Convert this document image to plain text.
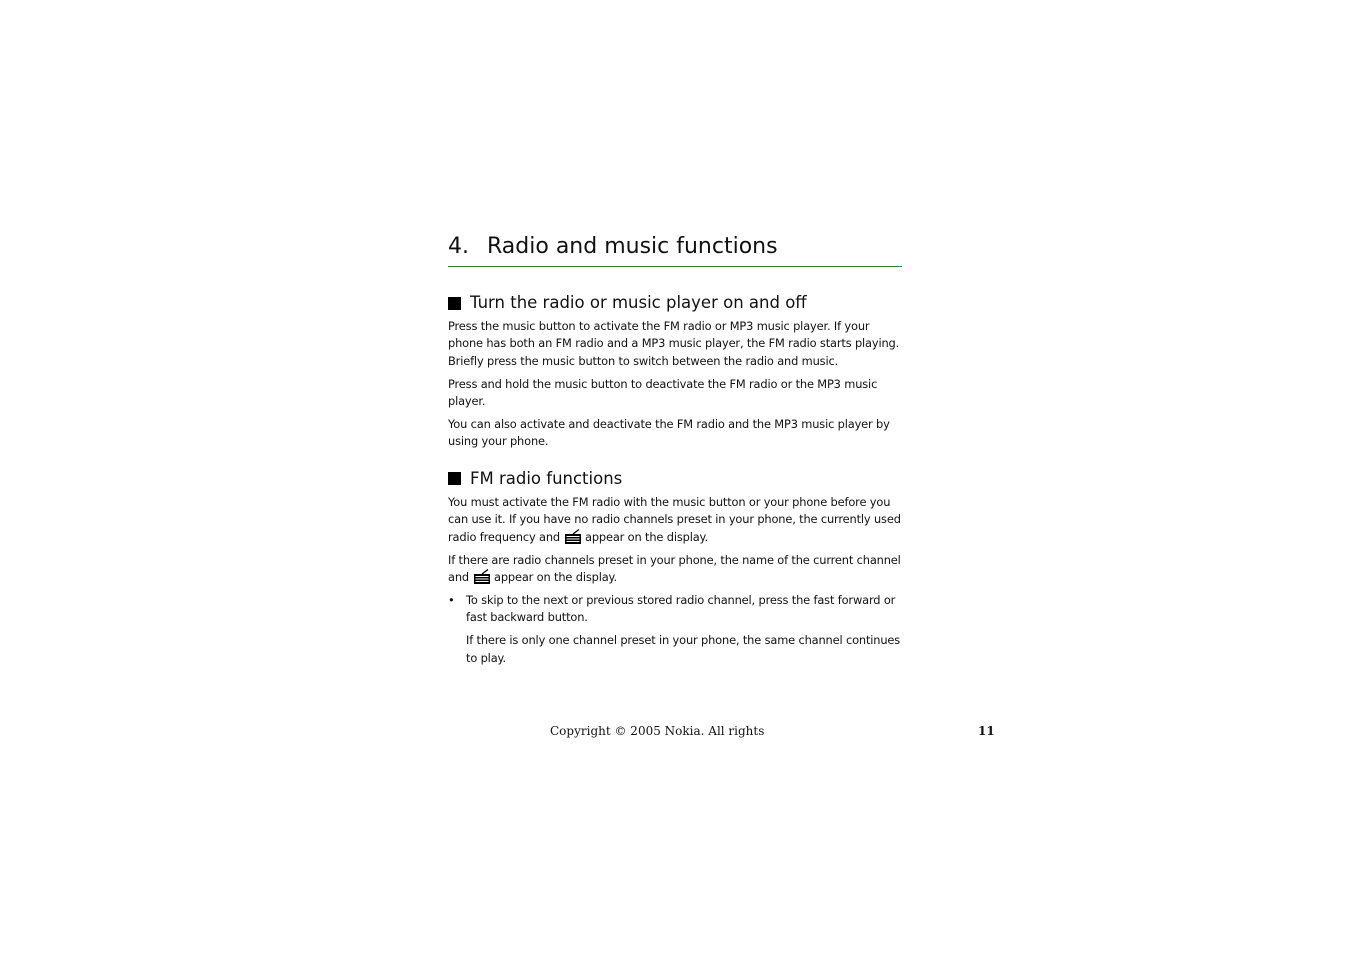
4. Radio and music functions
Turn the radio or music player on and off

Press the music button to activate the FM radio or MP3 music player. If your phone has both an FM radio and a MP3 music player, the FM radio starts playing. Briefly press the music button to switch between the radio and music.

Press and hold the music button to deactivate the FM radio or the MP3 music player.

You can also activate and deactivate the FM radio and the MP3 music player by using your phone.

FM radio functions

You must activate the FM radio with the music button or your phone before you can use it. If you have no radio channels preset in your phone, the currently used radio frequency and appear on the display.

If there are radio channels preset in your phone, the name of the current channel and appear on the display.

• To skip to the next or previous stored radio channel, press the fast forward or fast backward button.

If there is only one channel preset in your phone, the same channel continues to play.

Copyright © 2005 Nokia. All rights	11
